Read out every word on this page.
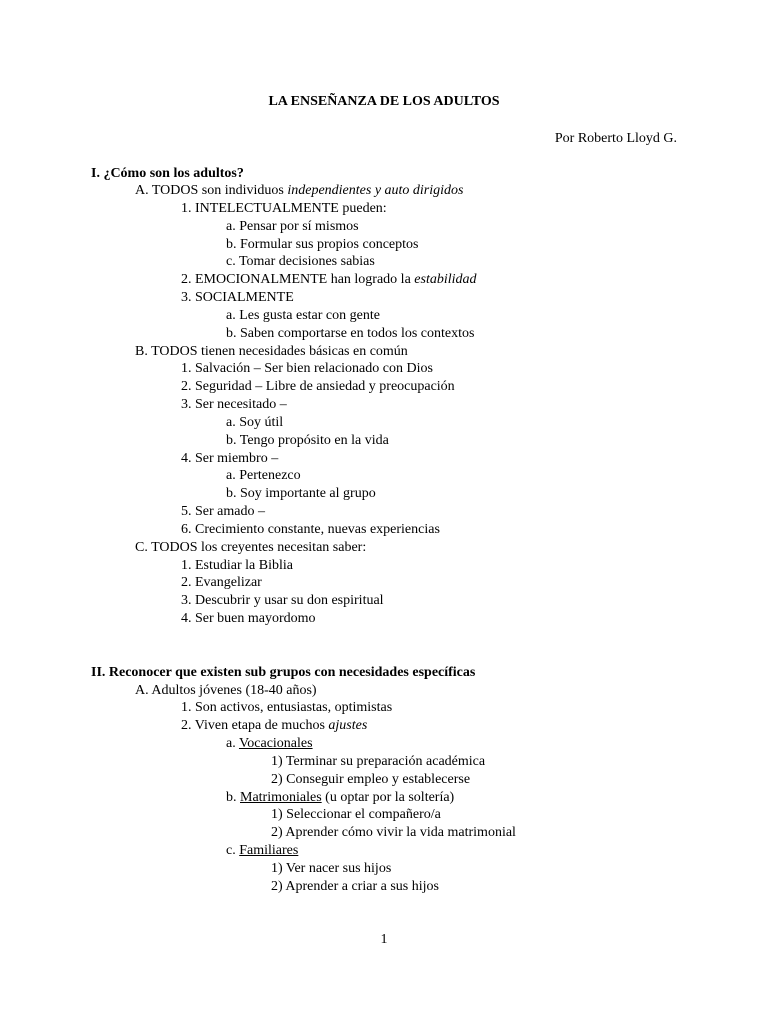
LA ENSEÑANZA DE LOS ADULTOS
Por Roberto Lloyd G.
I. ¿Cómo son los adultos?
A. TODOS son individuos independientes y auto dirigidos
1. INTELECTUALMENTE pueden:
a. Pensar por sí mismos
b. Formular sus propios conceptos
c. Tomar decisiones sabias
2. EMOCIONALMENTE han logrado la estabilidad
3. SOCIALMENTE
a. Les gusta estar con gente
b. Saben comportarse en todos los contextos
B. TODOS tienen necesidades básicas en común
1. Salvación – Ser bien relacionado con Dios
2. Seguridad – Libre de ansiedad y preocupación
3. Ser necesitado –
a. Soy útil
b. Tengo propósito en la vida
4. Ser miembro –
a. Pertenezco
b. Soy importante al grupo
5. Ser amado –
6. Crecimiento constante, nuevas experiencias
C. TODOS los creyentes necesitan saber:
1. Estudiar la Biblia
2. Evangelizar
3. Descubrir y usar su don espiritual
4. Ser buen mayordomo
II. Reconocer que existen sub grupos con necesidades específicas
A. Adultos jóvenes (18-40 años)
1. Son activos, entusiastas, optimistas
2. Viven etapa de muchos ajustes
a. Vocacionales
1) Terminar su preparación académica
2) Conseguir empleo y establecerse
b. Matrimoniales (u optar por la soltería)
1) Seleccionar el compañero/a
2) Aprender cómo vivir la vida matrimonial
c. Familiares
1) Ver nacer sus hijos
2) Aprender a criar a sus hijos
1
